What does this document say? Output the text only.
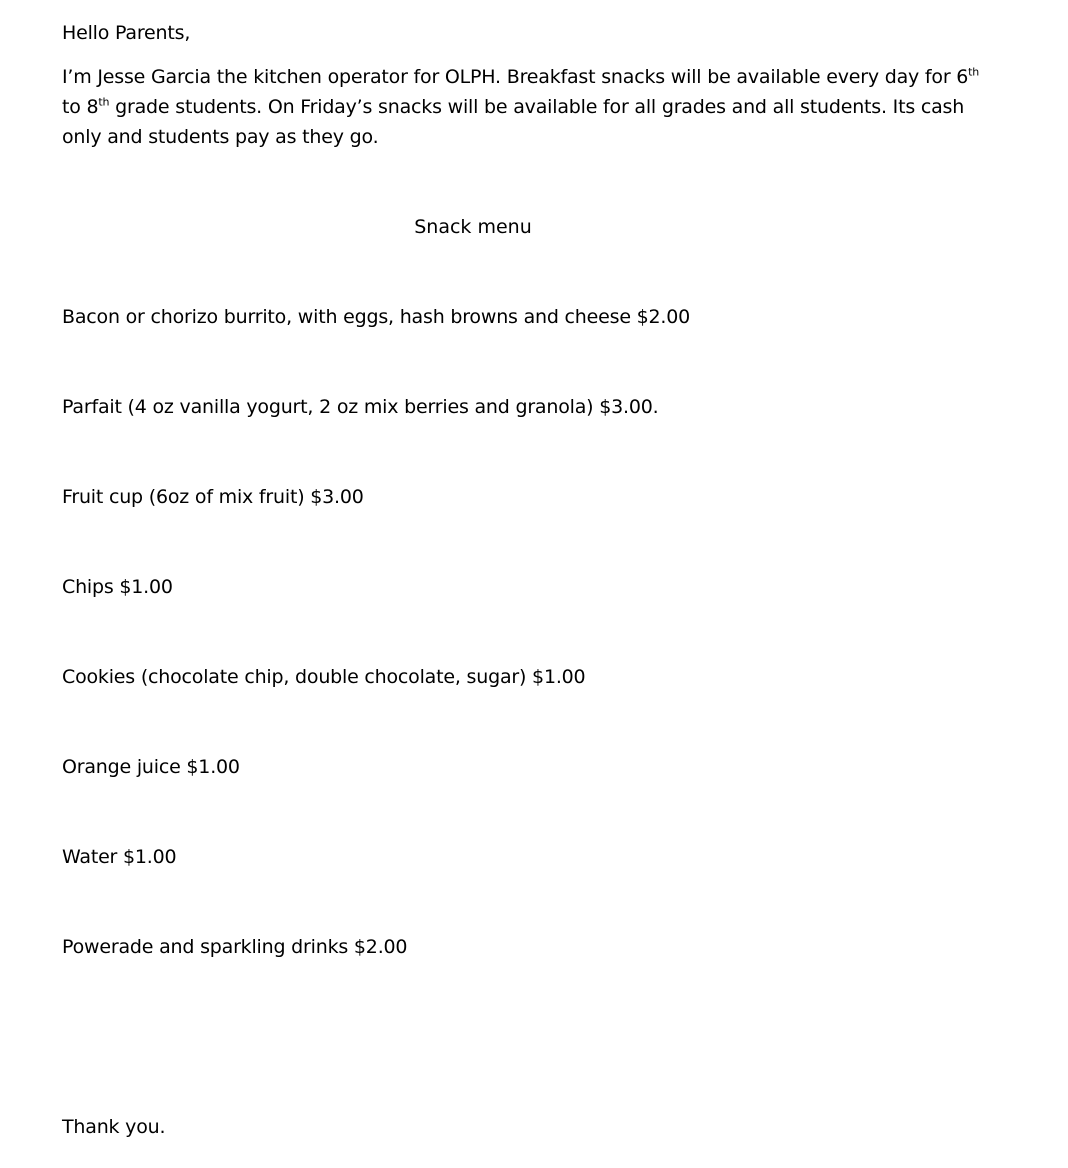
Hello Parents,
I’m Jesse Garcia the kitchen operator for OLPH. Breakfast snacks will be available every day for 6th to 8th grade students. On Friday’s snacks will be available for all grades and all students. Its cash only and students pay as they go.
Snack menu
Bacon or chorizo burrito, with eggs, hash browns and cheese $2.00
Parfait (4 oz vanilla yogurt, 2 oz mix berries and granola) $3.00.
Fruit cup (6oz of mix fruit) $3.00
Chips $1.00
Cookies (chocolate chip, double chocolate, sugar) $1.00
Orange juice $1.00
Water $1.00
Powerade and sparkling drinks $2.00
Thank you.
